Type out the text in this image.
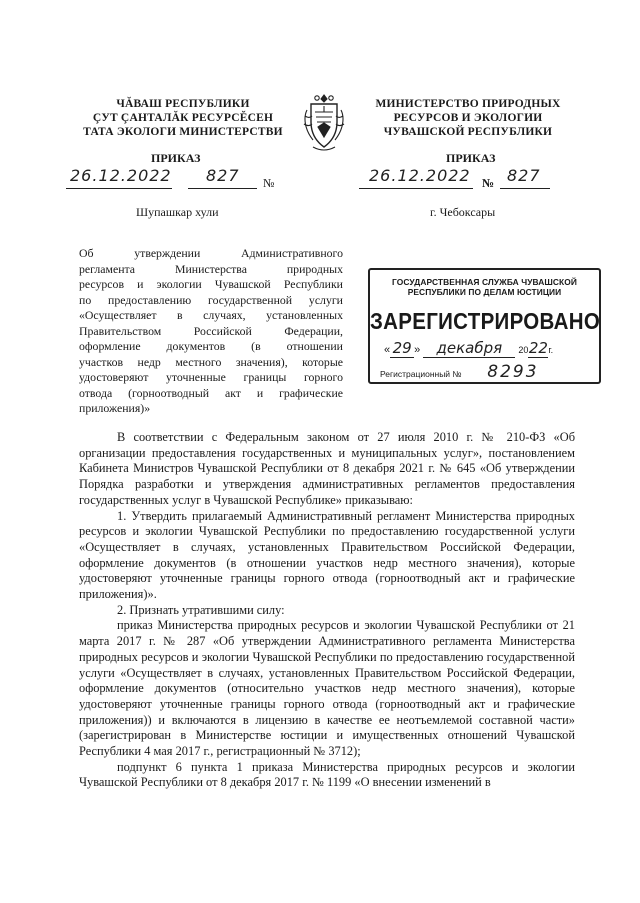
ЧĂВАШ РЕСПУБЛИКИ
ÇУТ ÇАНТАЛĂК РЕСУРСĔСЕН
ТАТА ЭКОЛОГИ МИНИСТЕРСТВИ
МИНИСТЕРСТВО ПРИРОДНЫХ
РЕСУРСОВ И ЭКОЛОГИИ
ЧУВАШСКОЙ РЕСПУБЛИКИ
ПРИКАЗ	ПРИКАЗ
26.12.2022 827 №	26.12.2022 № 827
Шупашкар хули	г. Чебоксары
Об утверждении Административного
регламента Министерства природных
ресурсов и экологии Чувашской Республики
по предоставлению государственной услуги
«Осуществляет в случаях, установленных
Правительством Российской Федерации,
оформление документов (в отношении
участков недр местного значения), которые
удостоверяют уточненные границы горного
отвода (горноотводный акт и графические
приложения)»
ГОСУДАРСТВЕННАЯ СЛУЖБА ЧУВАШСКОЙ
РЕСПУБЛИКИ ПО ДЕЛАМ ЮСТИЦИИ
ЗАРЕГИСТРИРОВАНО
« 29 » декабря 2022г.
Регистрационный № 8293

В соответствии с Федеральным законом от 27 июля 2010 г. № 210-ФЗ «Об организации предоставления государственных и муниципальных услуг», постановлением Кабинета Министров Чувашской Республики от 8 декабря 2021 г. № 645 «Об утверждении Порядка разработки и утверждения административных регламентов предоставления государственных услуг в Чувашской Республике» приказываю:

1. Утвердить прилагаемый Административный регламент Министерства природных ресурсов и экологии Чувашской Республики по предоставлению государственной услуги «Осуществляет в случаях, установленных Правительством Российской Федерации, оформление документов (в отношении участков недр местного значения), которые удостоверяют уточненные границы горного отвода (горноотводный акт и графические приложения)».

2. Признать утратившими силу:

приказ Министерства природных ресурсов и экологии Чувашской Республики от 21 марта 2017 г. № 287 «Об утверждении Административного регламента Министерства природных ресурсов и экологии Чувашской Республики по предоставлению государственной услуги «Осуществляет в случаях, установленных Правительством Российской Федерации, оформление документов (относительно участков недр местного значения), которые удостоверяют уточненные границы горного отвода (горноотводный акт и графические приложения)) и включаются в лицензию в качестве ее неотъемлемой составной части» (зарегистрирован в Министерстве юстиции и имущественных отношений Чувашской Республики 4 мая 2017 г., регистрационный № 3712);

подпункт 6 пункта 1 приказа Министерства природных ресурсов и экологии Чувашской Республики от 8 декабря 2017 г. № 1199 «О внесении изменений в
